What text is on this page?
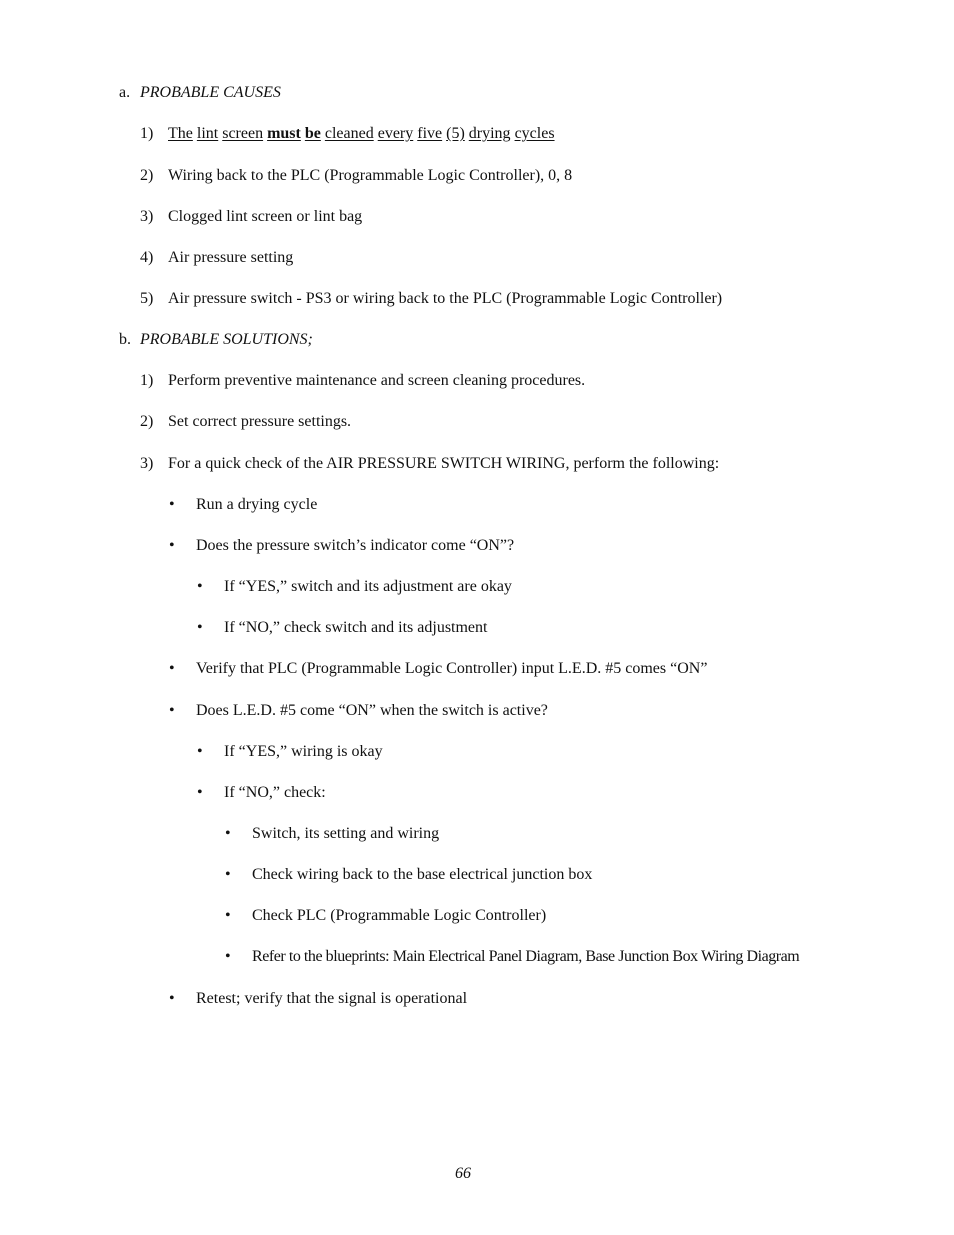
a. PROBABLE CAUSES
1) The lint screen must be cleaned every five (5) drying cycles
2) Wiring back to the PLC (Programmable Logic Controller), 0, 8
3) Clogged lint screen or lint bag
4) Air pressure setting
5) Air pressure switch - PS3 or wiring back to the PLC (Programmable Logic Controller)
b. PROBABLE SOLUTIONS;
1) Perform preventive maintenance and screen cleaning procedures.
2) Set correct pressure settings.
3) For a quick check of the AIR PRESSURE SWITCH WIRING, perform the following:
• Run a drying cycle
• Does the pressure switch’s indicator come “ON”?
• If “YES,” switch and its adjustment are okay
• If “NO,” check switch and its adjustment
• Verify that PLC (Programmable Logic Controller) input L.E.D. #5 comes “ON”
• Does L.E.D. #5 come “ON” when the switch is active?
• If “YES,” wiring is okay
• If “NO,” check:
• Switch, its setting and wiring
• Check wiring back to the base electrical junction box
• Check PLC (Programmable Logic Controller)
• Refer to the blueprints: Main Electrical Panel Diagram, Base Junction Box Wiring Diagram
• Retest; verify that the signal is operational
66
